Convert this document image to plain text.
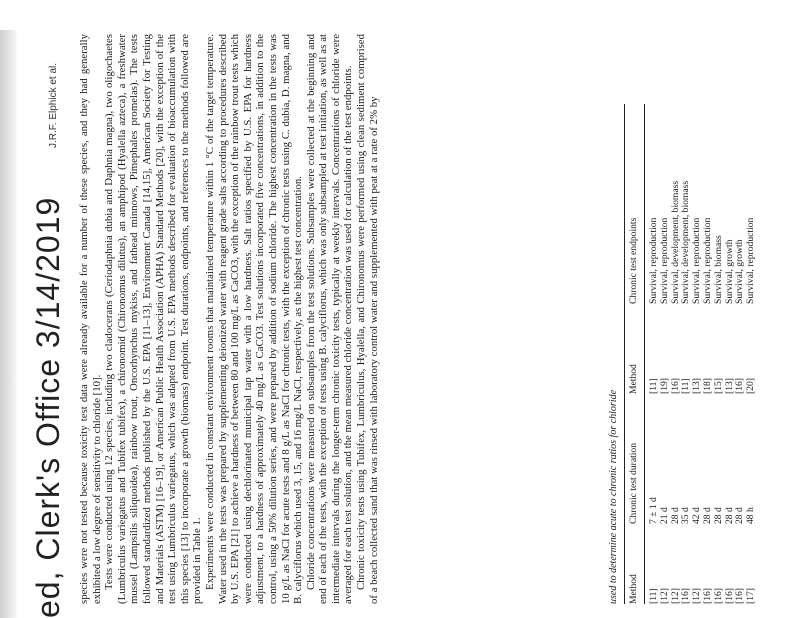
ed, Clerk's Office 3/14/2019
J.R.F. Elphick et al. species were not tested because toxicity test data were already available for a number of these species, and they had generally exhibited a low degree of sensitivity to chloride [10]. Tests were conducted using 12 species, including two cladocerans (Ceriodaphnia dubia and Daphnia magna), two oligochaetes (Lumbriculus variegatus and Tubifex tubifex), a chironomid (Chironomus dilutus), an amphipod (Hyalella azteca), a freshwater mussel (Lampsilis siliquoidea), rainbow trout, Oncorhynchus mykiss, and fathead minnows, Pimephales promelas). The tests followed standardized methods published by the U.S. EPA [11–13], Environment Canada [14,15], American Society for Testing and Materials (ASTM) [16–19], or American Public Health Association (APHA) Standard Methods [20], with the exception of the test using Lumbriculus variegatus, which was adapted from U.S. EPA methods described for evaluation of bioaccumulation with this species [13] to incorporate a growth (biomass) endpoint. Test durations, endpoints, and references to the methods followed are provided in Table 1. Experiments were conducted in constant environment rooms that maintained temperature within 1 °C of the target temperature. Water used in the tests was prepared by supplementing deionized water with reagent grade salts according to procedures described by U.S. EPA [21] to achieve a hardness of between 80 and 100 mg/L as CaCO3, with the exception of the rainbow trout tests which were conducted using dechlorinated municipal tap water with a low hardness. Salt ratios specified by U.S. EPA for hardness adjustment, to a hardness of approximately 40 mg/L as CaCO3. Test solutions incorporated five concentrations, in addition to the control, using a 50% dilution series, and were prepared by addition of sodium chloride. The highest concentration in the tests was 10 g/L as NaCl for acute tests and 8 g/L as NaCl for chronic tests, with the exception of chronic tests using C. dubia, D. magna, and B. calyciflorus which used 3, 15, and 16 mg/L NaCl, respectively, as the highest test concentration. Chloride concentrations were measured on subsamples from the test solutions. Subsamples were collected at the beginning and end of each of the tests, with the exception of tests using B. calyciflorus, which was only subsampled at test initiation, as well as at intermediate intervals during the longer-term chronic toxicity tests, typically at weekly intervals. Concentrations of chloride were averaged for each test solution, and the mean measured chloride concentration was used for calculation of the test endpoints. Chronic toxicity tests using Tubifex, Lumbriculus, Hyalella, and Chironomus were performed using clean sediment comprised of a beach collected sand that was rinsed with laboratory control water and supplemented with peat at a rate of 2% by	used to determine acute to chronic ratios for chloride Method
Chronic test duration
Method
Chronic test endpoints
[11]
7 ± 1 d
[11]
Survival, reproduction
[12]
21 d
[19]
Survival, reproduction
[12]
28 d
[16]
Survival, development, biomass
[16]
35 d
[11]
Survival, development, biomass
[12]
42 d
[13]
Survival, reproduction
[16]
28 d
[18]
Survival, reproduction
[16]
28 d
[15]
Survival, biomass
[16]
28 d
[13]
Survival, growth
[16]
28 d
[16]
Survival, growth
[17]
48 h
[20]
Survival, reproduction
